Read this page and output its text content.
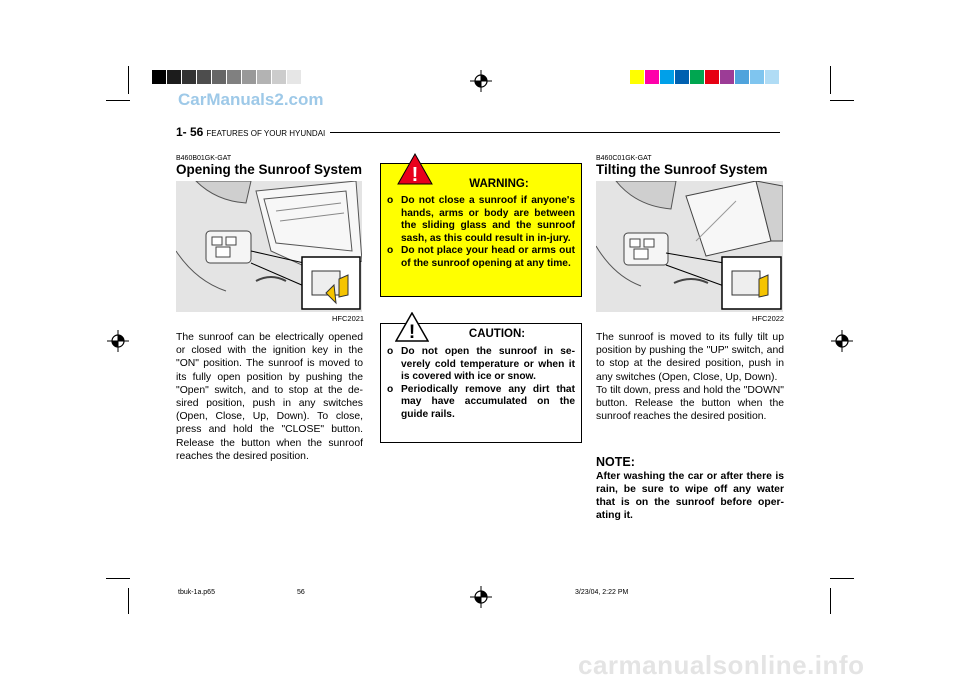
CarManuals2.com
1- 56 FEATURES OF YOUR HYUNDAI
B460B01GK-GAT
Opening the Sunroof System
HFC2021

The sunroof can be electrically opened or closed with the ignition key in the "ON" position. The sunroof is moved to its fully open position by pushing the "Open" switch, and to stop at the de-sired position, push in any switches (Open, Close, Up, Down). To close, press and hold the "CLOSE" button. Release the button when the sunroof reaches the desired position.

!	WARNING:
o Do not close a sunroof if anyone's hands, arms or body are between the sliding glass and the sunroof sash, as this could result in in-jury.
o Do not place your head or arms out of the sunroof opening at any time.
!	CAUTION:
o Do not open the sunroof in se-verely cold temperature or when it is covered with ice or snow.
o Periodically remove any dirt that may have accumulated on the guide rails.
B460C01GK-GAT
Tilting the Sunroof System
HFC2022

The sunroof is moved to its fully tilt up position by pushing the "UP" switch, and to stop at the desired position, push in any switches (Open, Close, Up, Down).

To tilt down, press and hold the "DOWN" button. Release the button when the sunroof reaches the desired position.

NOTE:
After washing the car or after there is rain, be sure to wipe off any water that is on the sunroof before oper-ating it.
tbuk-1a.p65	56	3/23/04, 2:22 PM
carmanualsonline.info
